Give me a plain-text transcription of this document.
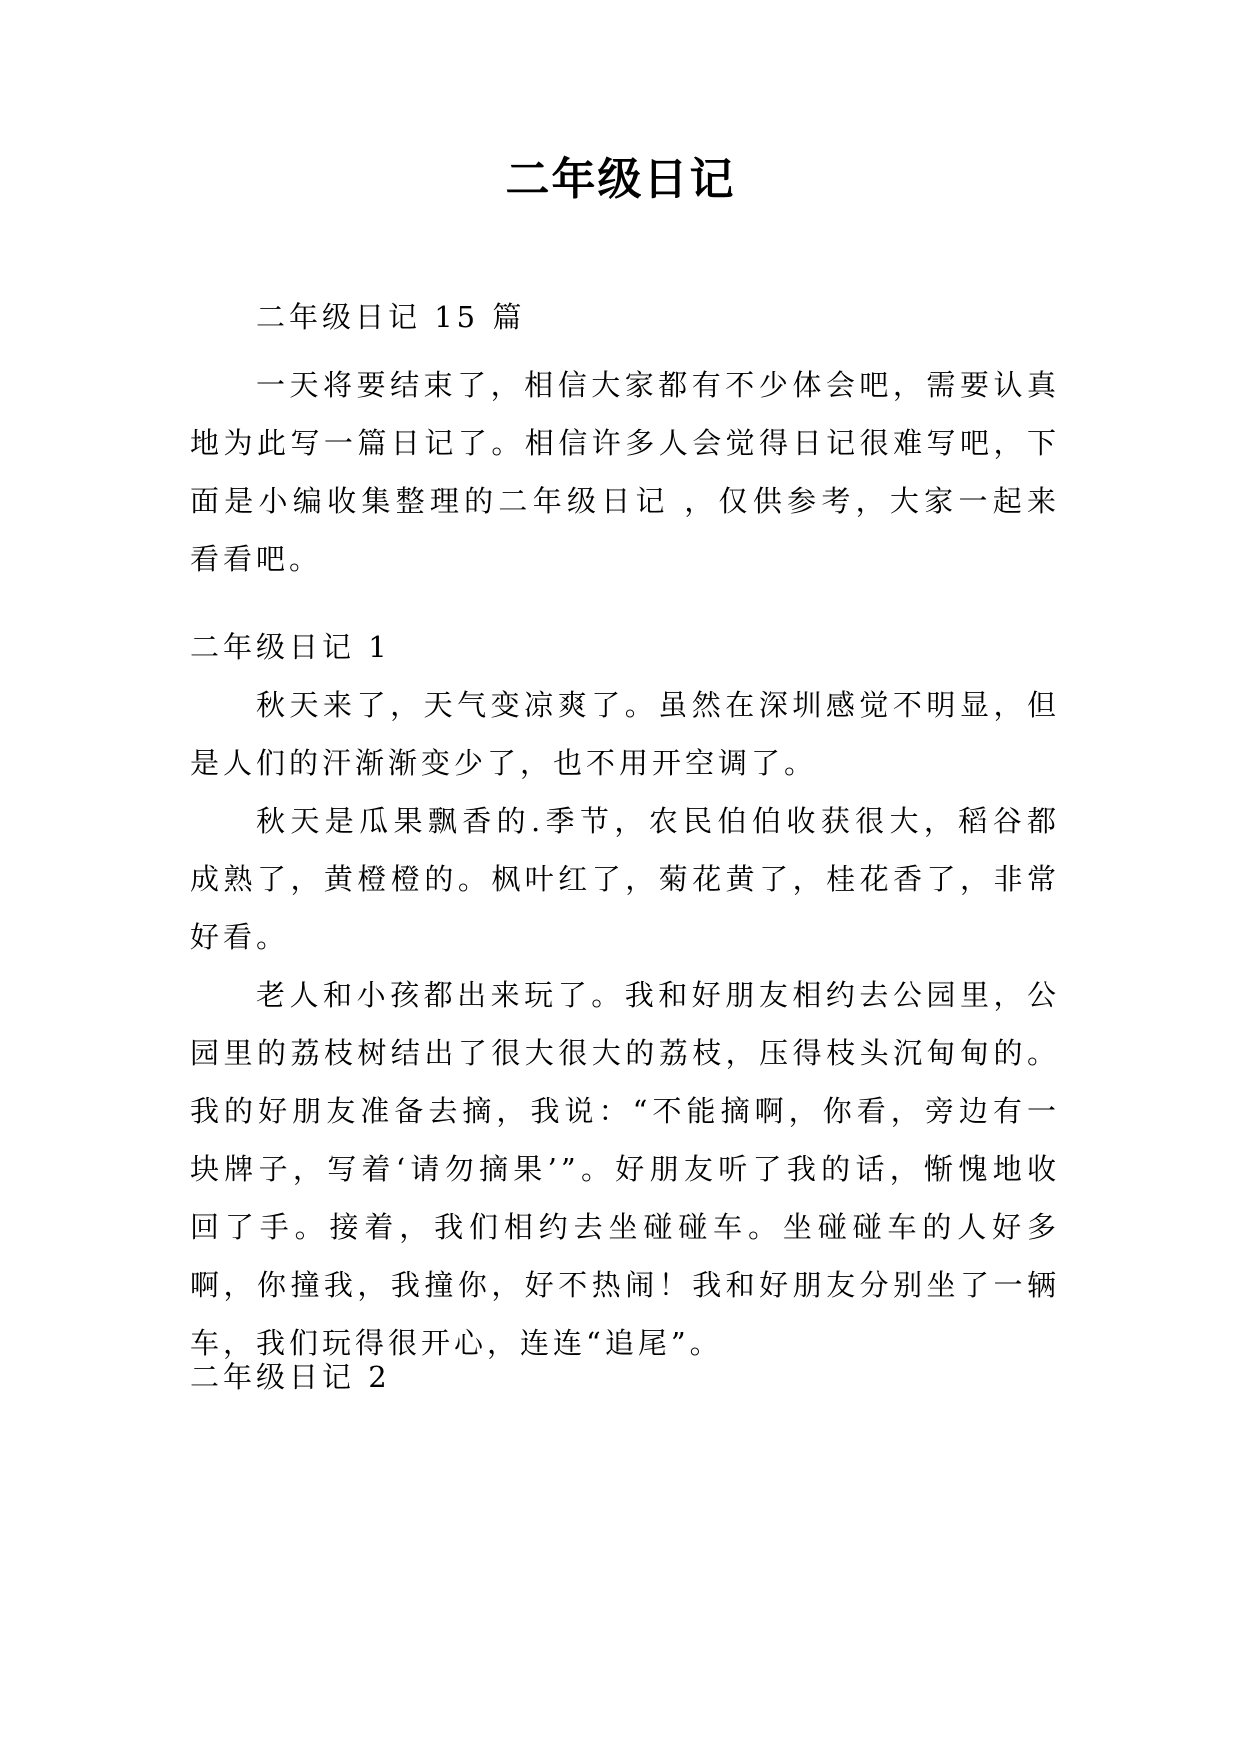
二年级日记
二年级日记 15 篇

一天将要结束了，相信大家都有不少体会吧，需要认真地为此写一篇日记了。相信许多人会觉得日记很难写吧，下面是小编收集整理的二年级日记 ，仅供参考，大家一起来看看吧。

二年级日记 1

秋天来了，天气变凉爽了。虽然在深圳感觉不明显，但是人们的汗渐渐变少了，也不用开空调了。

秋天是瓜果飘香的.季节，农民伯伯收获很大，稻谷都成熟了，黄橙橙的。枫叶红了，菊花黄了，桂花香了，非常好看。

老人和小孩都出来玩了。我和好朋友相约去公园里，公园里的荔枝树结出了很大很大的荔枝，压得枝头沉甸甸的。我的好朋友准备去摘，我说：“不能摘啊，你看，旁边有一块牌子，写着‘请勿摘果’”。好朋友听了我的话，惭愧地收回了手。接着，我们相约去坐碰碰车。坐碰碰车的人好多啊，你撞我，我撞你，好不热闹！我和好朋友分别坐了一辆车，我们玩得很开心，连连“追尾”。

二年级日记 2
